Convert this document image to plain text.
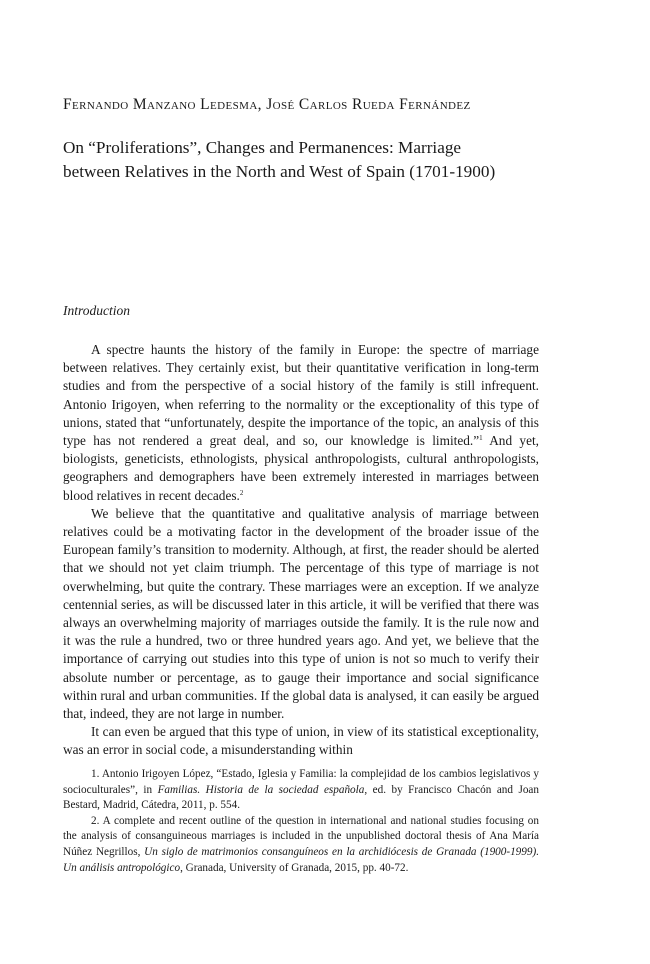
Fernando Manzano Ledesma, José Carlos Rueda Fernández
On “Proliferations”, Changes and Permanences: Marriage
between Relatives in the North and West of Spain (1701-1900)
Introduction

A spectre haunts the history of the family in Europe: the spectre of marriage between relatives. They certainly exist, but their quantitative verification in long-term studies and from the perspective of a social history of the family is still infrequent. Antonio Irigoyen, when referring to the normality or the exceptionality of this type of unions, stated that “unfortunately, despite the importance of the topic, an analysis of this type has not rendered a great deal, and so, our knowledge is limited.”$^1$ And yet, biologists, geneticists, ethnologists, physical anthropologists, cultural anthropologists, geographers and demographers have been extremely interested in marriages between blood relatives in recent decades.$^2$

We believe that the quantitative and qualitative analysis of marriage between relatives could be a motivating factor in the development of the broader issue of the European family’s transition to modernity. Although, at first, the reader should be alerted that we should not yet claim triumph. The percentage of this type of marriage is not overwhelming, but quite the contrary. These marriages were an exception. If we analyze centennial series, as will be discussed later in this article, it will be verified that there was always an overwhelming majority of marriages outside the family. It is the rule now and it was the rule a hundred, two or three hundred years ago. And yet, we believe that the importance of carrying out studies into this type of union is not so much to verify their absolute number or percentage, as to gauge their importance and social significance within rural and urban communities. If the global data is analysed, it can easily be argued that, indeed, they are not large in number.

It can even be argued that this type of union, in view of its statistical exceptionality, was an error in social code, a misunderstanding within

1. Antonio Irigoyen López, “Estado, Iglesia y Familia: la complejidad de los cambios legislativos y socioculturales”, in Familias. Historia de la sociedad española, ed. by Francisco Chacón and Joan Bestard, Madrid, Cátedra, 2011, p. 554.

2. A complete and recent outline of the question in international and national studies focusing on the analysis of consanguineous marriages is included in the unpublished doctoral thesis of Ana María Núñez Negrillos, Un siglo de matrimonios consanguíneos en la archidiócesis de Granada (1900-1999). Un análisis antropológico, Granada, University of Granada, 2015, pp. 40-72.
